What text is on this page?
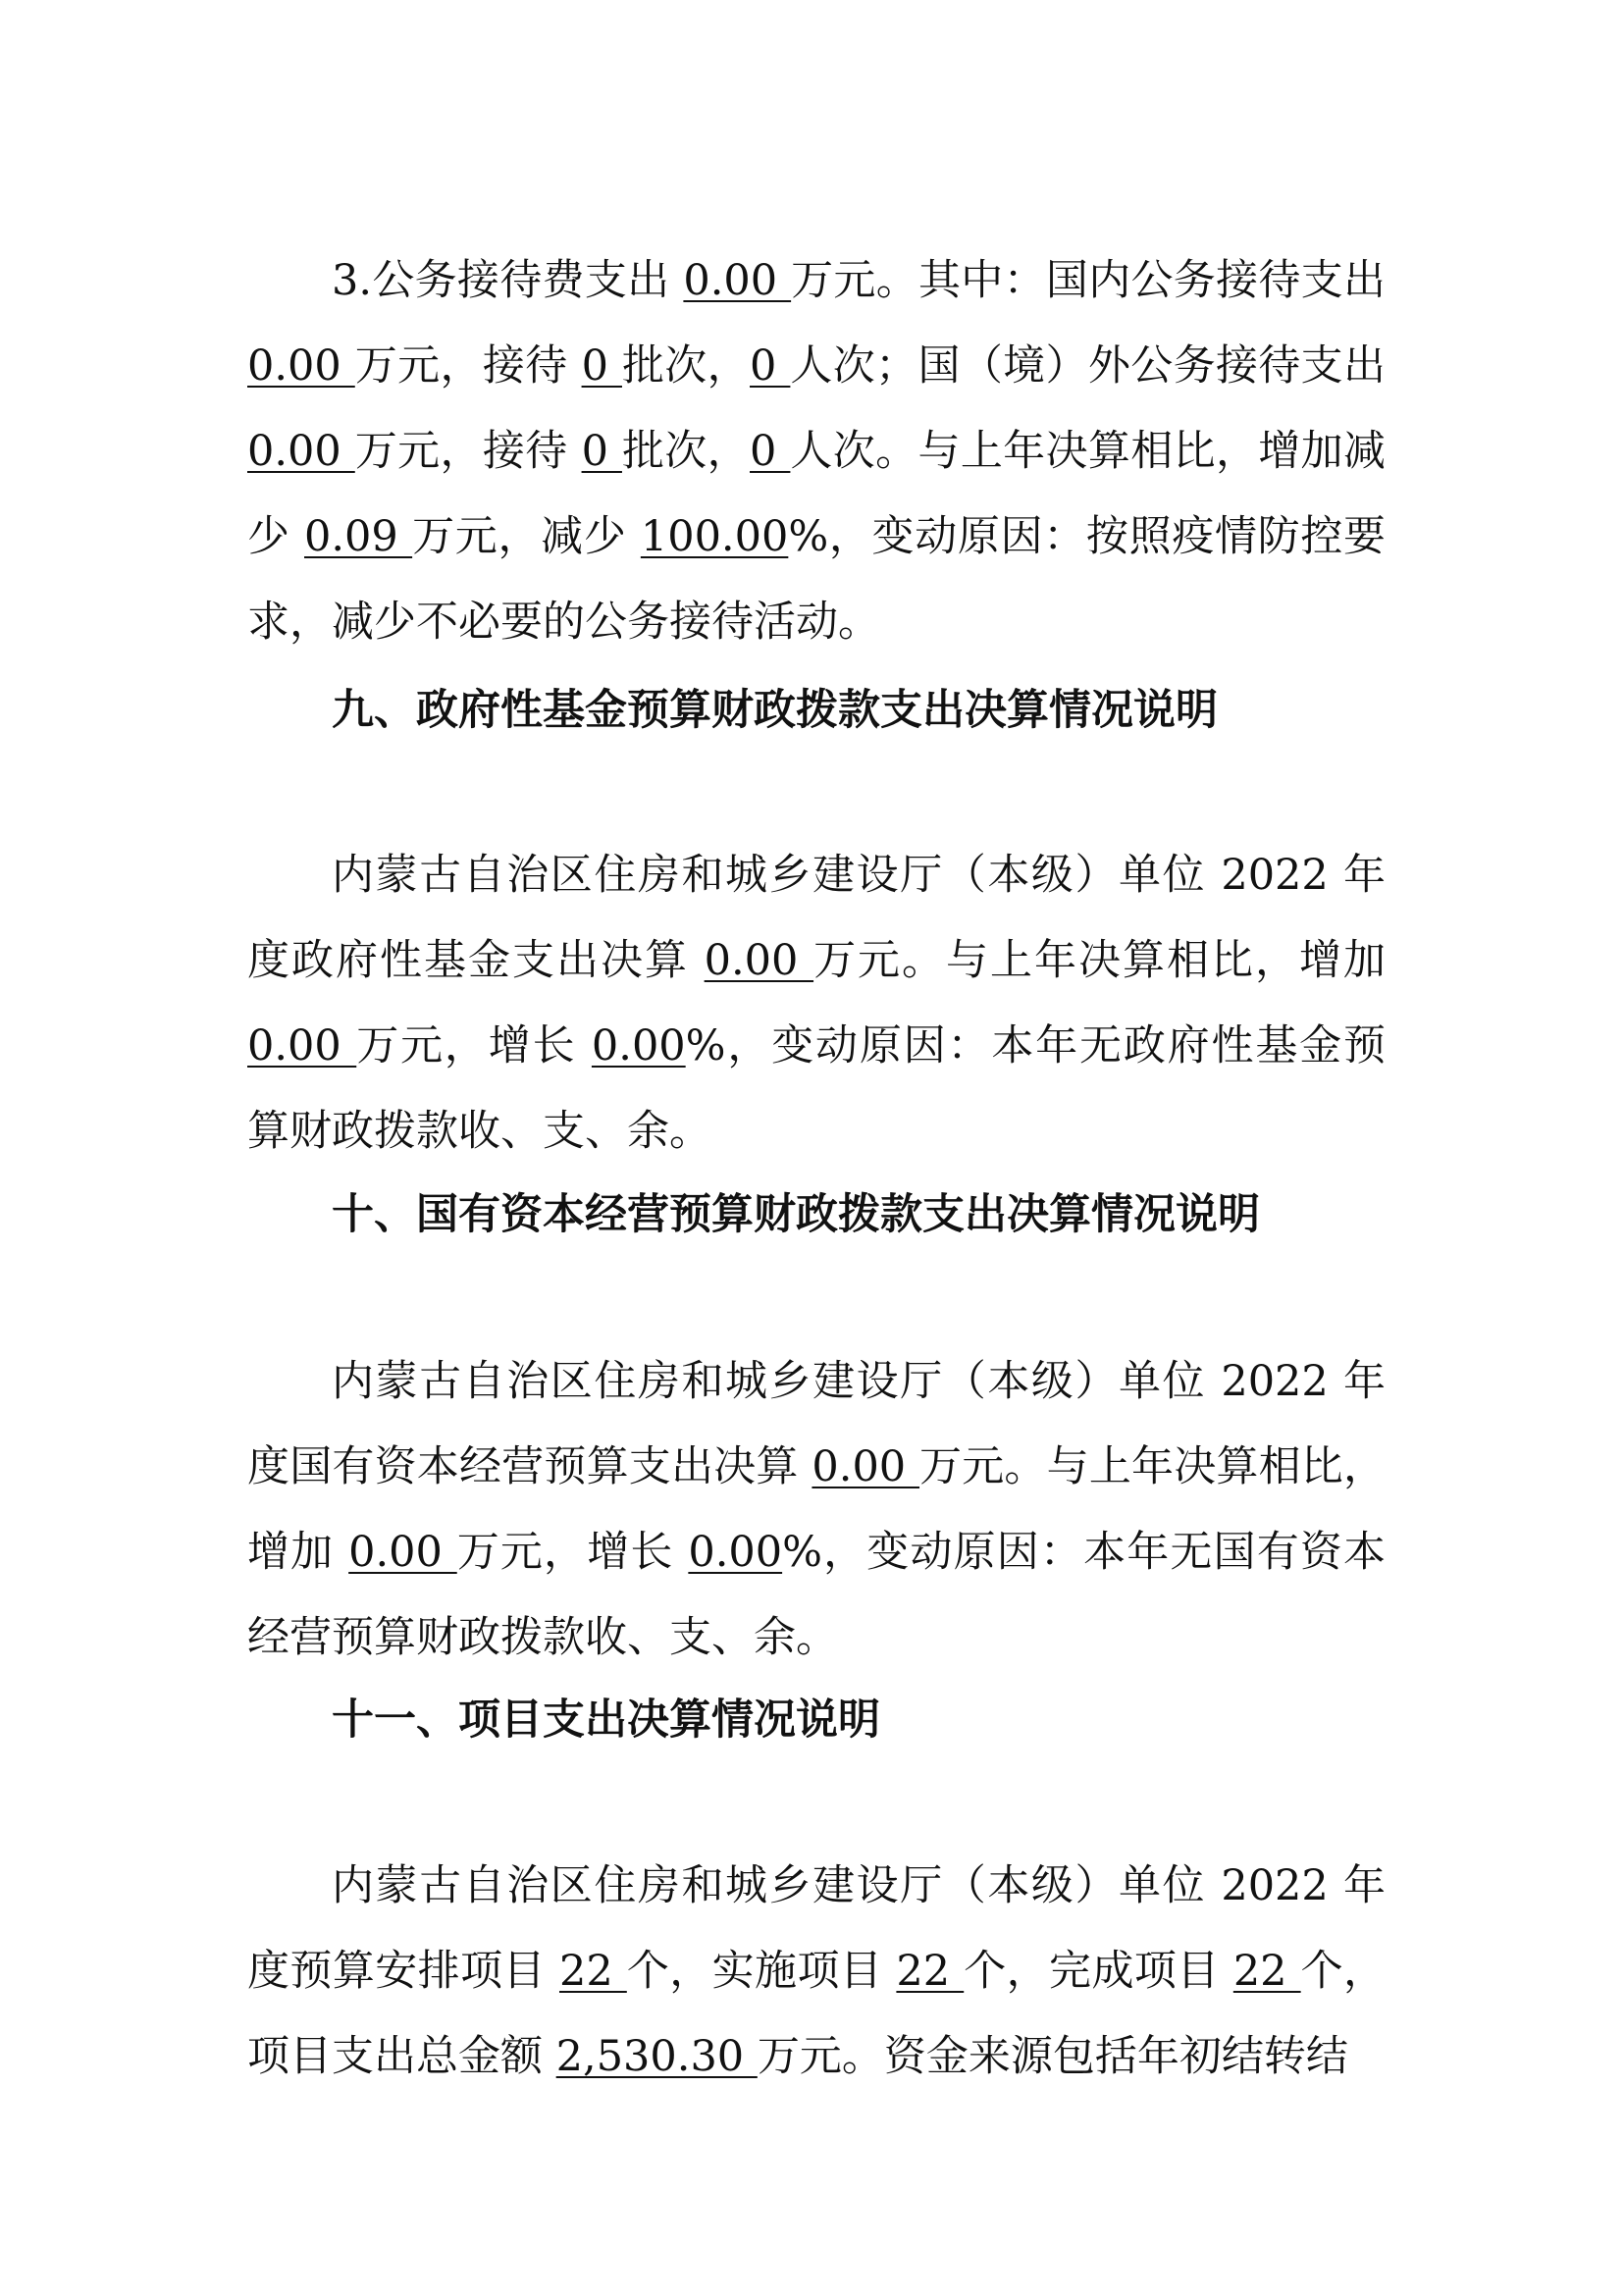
3.公务接待费支出 0.00 万元。其中：国内公务接待支出 0.00 万元，接待 0 批次，0 人次；国（境）外公务接待支出 0.00 万元，接待 0 批次，0 人次。与上年决算相比，增加减少 0.09 万元，减少 100.00%，变动原因：按照疫情防控要求，减少不必要的公务接待活动。

九、政府性基金预算财政拨款支出决算情况说明

内蒙古自治区住房和城乡建设厅（本级）单位 2022 年度政府性基金支出决算 0.00 万元。与上年决算相比，增加 0.00 万元，增长 0.00%，变动原因：本年无政府性基金预算财政拨款收、支、余。

十、国有资本经营预算财政拨款支出决算情况说明

内蒙古自治区住房和城乡建设厅（本级）单位 2022 年度国有资本经营预算支出决算 0.00 万元。与上年决算相比，增加 0.00 万元，增长 0.00%，变动原因：本年无国有资本经营预算财政拨款收、支、余。

十一、项目支出决算情况说明

内蒙古自治区住房和城乡建设厅（本级）单位 2022 年度预算安排项目 22 个，实施项目 22 个，完成项目 22 个，项目支出总金额 2,530.30 万元。资金来源包括年初结转结
